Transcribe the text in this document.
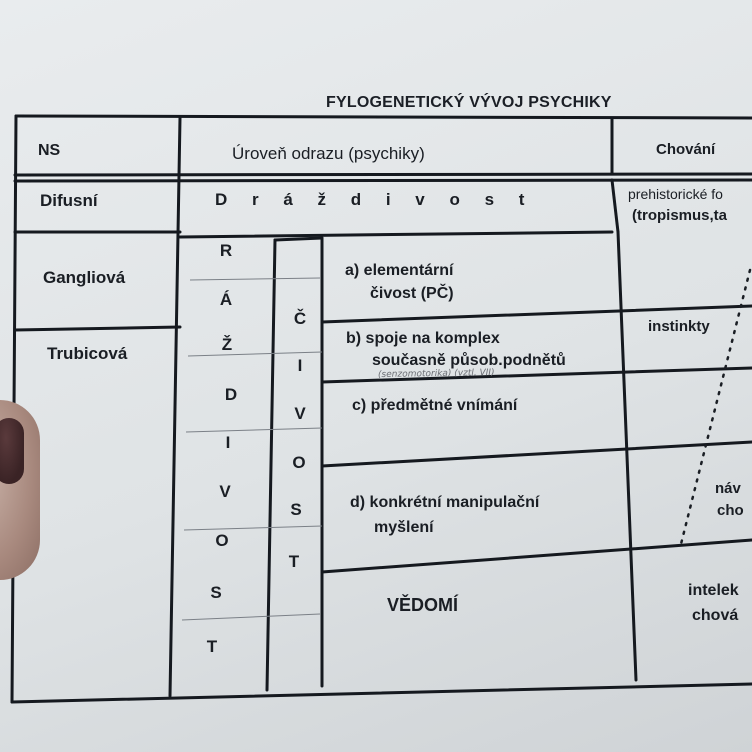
FYLOGENETICKÝ VÝVOJ PSYCHIKY
NS	Úroveň odrazu (psychiky)	Chování
Difusní
Gangliová
Trubicová
D r á ž d i v o s t
R
Á
Ž
D
I
V
O
S
T
Č
I
V
O
S
T
a) elementární
čivost (PČ)
b) spoje na komplex
současně působ.podnětů
(senzomotorika) (vztl. VII)
c) předmětné vnímání
d) konkrétní manipulační
myšlení
VĚDOMÍ
prehistorické fo
(tropismus,ta
instinkty
náv
cho
intelek
chová
